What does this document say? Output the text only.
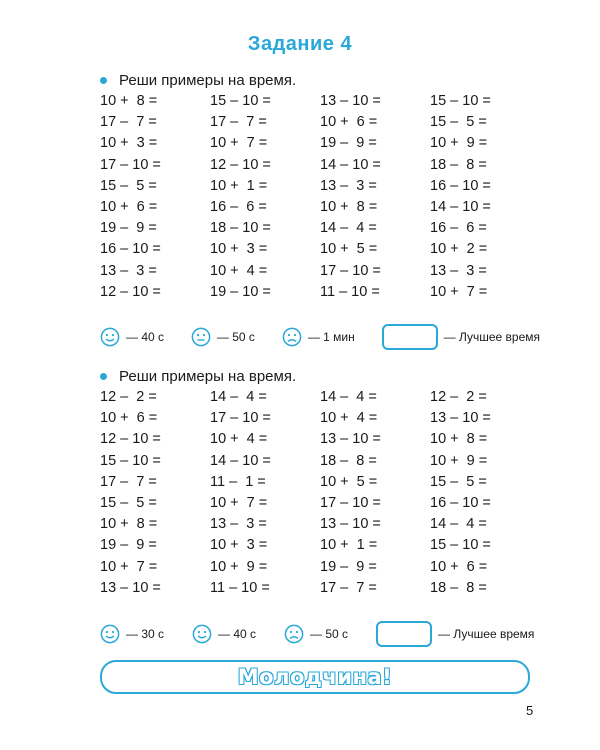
Задание 4
Реши примеры на время.
10 +  8 =	15 – 10 =	13 – 10 =	15 – 10 =
17 –  7 =	17 –  7 =	10 +  6 =	15 –  5 =
10 +  3 =	10 +  7 =	19 –  9 =	10 +  9 =
17 – 10 =	12 – 10 =	14 – 10 =	18 –  8 =
15 –  5 =	10 +  1 =	13 –  3 =	16 – 10 =
10 +  6 =	16 –  6 =	10 +  8 =	14 – 10 =
19 –  9 =	18 – 10 =	14 –  4 =	16 –  6 =
16 – 10 =	10 +  3 =	10 +  5 =	10 +  2 =
13 –  3 =	10 +  4 =	17 – 10 =	13 –  3 =
12 – 10 =	19 – 10 =	11 – 10 =	10 +  7 =
— 40 с	— 50 с	— 1 мин	— Лучшее время
Реши примеры на время.
12 –  2 =	14 –  4 =	14 –  4 =	12 –  2 =
10 +  6 =	17 – 10 =	10 +  4 =	13 – 10 =
12 – 10 =	10 +  4 =	13 – 10 =	10 +  8 =
15 – 10 =	14 – 10 =	18 –  8 =	10 +  9 =
17 –  7 =	11 –  1 =	10 +  5 =	15 –  5 =
15 –  5 =	10 +  7 =	17 – 10 =	16 – 10 =
10 +  8 =	13 –  3 =	13 – 10 =	14 –  4 =
19 –  9 =	10 +  3 =	10 +  1 =	15 – 10 =
10 +  7 =	10 +  9 =	19 –  9 =	10 +  6 =
13 – 10 =	11 – 10 =	17 –  7 =	18 –  8 =
— 30 с	— 40 с	— 50 с	— Лучшее время
Молодчина!
5
